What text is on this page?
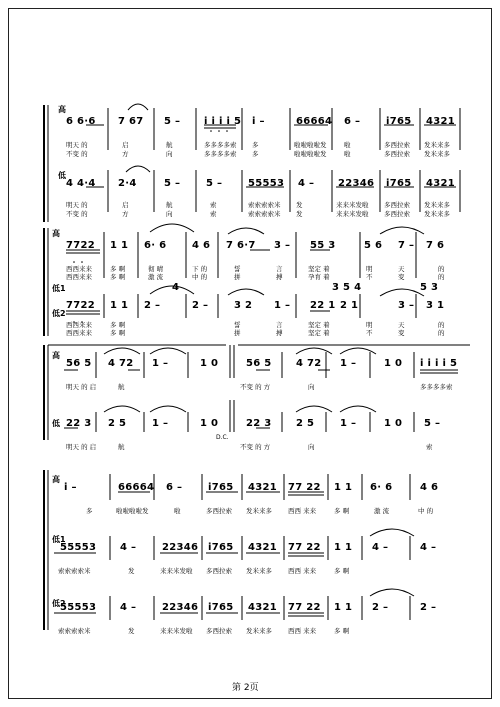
高
6 6·6 7 67 5 – i i i i 5 i –	66664 6 –	i765 4321
明天 的	启	航	多多多多索 多	啦啦啦啦发	啦	多西拉索 发米来多
不变 的	方	向	多多多多索 多	啦啦啦啦发	啦	多西拉索 发米来多
低
4 4·4 2·4	5 –	5 –	55553 4 – 22346 i765 4321
明天 的	启	航	索	索索索索米 发	来来米发啦 多西拉索 发米来多
不变 的	方	向	索	索索索索米 发	来来米发啦 多西拉索 发米来多
高
7722 1 1 6· 6	4 6 7 6·7 3 – 55 3	5 6 7 – 7 6
西西来来	多 啊	彻 晴	下 的	誓	言	坚定 着	明	天	的
西西来来	多 啊	激 流	中 的	拼	搏	孕育 着	不	变	的
低1	4	3 5 4	5 3
低2
7722 1 1 2 –	2 –	3 2 1 – 22 1 2 1	3 – 3 1
西西来来	多 啊	誓	言	坚定 着	明	天	的
西西来来	多 啊	拼	搏	坚定 着	不	变	的
高
56 5 4 72 1 –	1 0	56 5 4 72 1 –	1 0 i i i i 5
明天 的 启	航	不变 的 方	向	多多多多索
低 22 3 2 5	1 –	1 0	22 3 2 5	1 –	1 0 5 –
明天 的 启	航	不变 的 方	向	索
D.C.
高
i –	66664 6 –	i765 4321 77 22 1 1 6· 6	4 6
多	啦啦啦啦发	啦	多西拉索 发米来多 西西 来来	多 啊	激 流	中 的
低1
55553 4 –	22346 i765 4321 77 22 1 1 4 –	4 –
索索索索米	发	来来米发啦 多西拉索 发米来多 西西 来来	多 啊
低2
55553 4 –	22346 i765 4321 77 22 1 1 2 –	2 –
索索索索米	发	来来米发啦 多西拉索 发米来多 西西 来来	多 啊
第 2页
